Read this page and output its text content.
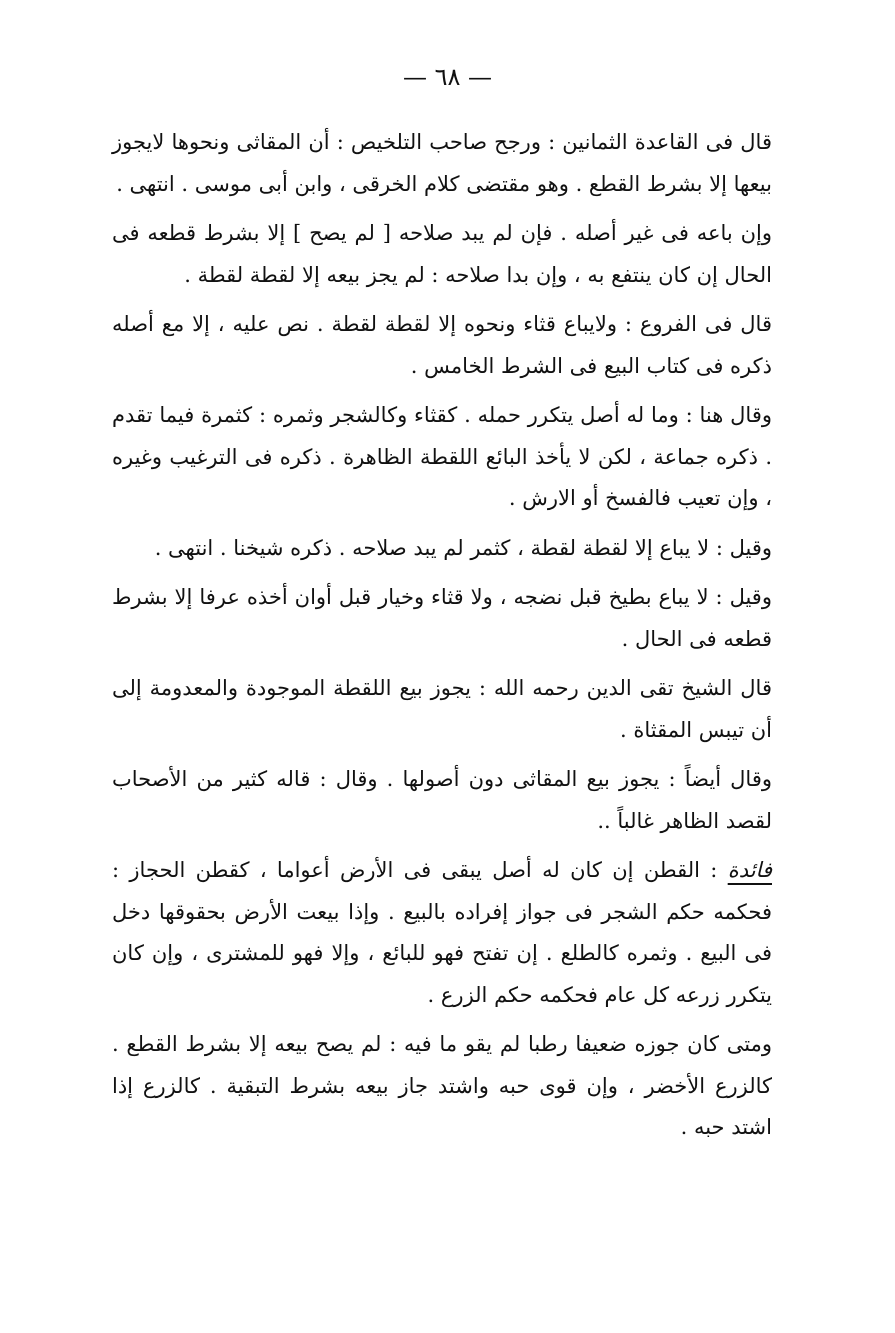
— ٦٨ —

قال فى القاعدة الثمانين : ورجح صاحب التلخيص : أن المقاثى ونحوها لايجوز بيعها إلا بشرط القطع . وهو مقتضى كلام الخرقى ، وابن أبى موسى . انتهى .

وإن باعه فى غير أصله . فإن لم يبد صلاحه [ لم يصح ] إلا بشرط قطعه فى الحال إن كان ينتفع به ، وإن بدا صلاحه : لم يجز بيعه إلا لقطة لقطة .

قال فى الفروع : ولايباع قثاء ونحوه إلا لقطة لقطة . نص عليه ، إلا مع أصله ذكره فى كتاب البيع فى الشرط الخامس .

وقال هنا : وما له أصل يتكرر حمله . كقثاء وكالشجر وثمره : كثمرة فيما تقدم . ذكره جماعة ، لكن لا يأخذ البائع اللقطة الظاهرة . ذكره فى الترغيب وغيره ، وإن تعيب فالفسخ أو الارش .

وقيل : لا يباع إلا لقطة لقطة ، كثمر لم يبد صلاحه . ذكره شيخنا . انتهى .

وقيل : لا يباع بطيخ قبل نضجه ، ولا قثاء وخيار قبل أوان أخذه عرفا إلا بشرط قطعه فى الحال .

قال الشيخ تقى الدين رحمه الله : يجوز بيع اللقطة الموجودة والمعدومة إلى أن تيبس المقثاة .

وقال أيضاً : يجوز بيع المقاثى دون أصولها . وقال : قاله كثير من الأصحاب لقصد الظاهر غالباً ..

فائدة : القطن إن كان له أصل يبقى فى الأرض أعواما ، كقطن الحجاز : فحكمه حكم الشجر فى جواز إفراده بالبيع . وإذا بيعت الأرض بحقوقها دخل فى البيع . وثمره كالطلع . إن تفتح فهو للبائع ، وإلا فهو للمشترى ، وإن كان يتكرر زرعه كل عام فحكمه حكم الزرع .

ومتى كان جوزه ضعيفا رطبا لم يقو ما فيه : لم يصح بيعه إلا بشرط القطع . كالزرع الأخضر ، وإن قوى حبه واشتد جاز بيعه بشرط التبقية . كالزرع إذا اشتد حبه .
